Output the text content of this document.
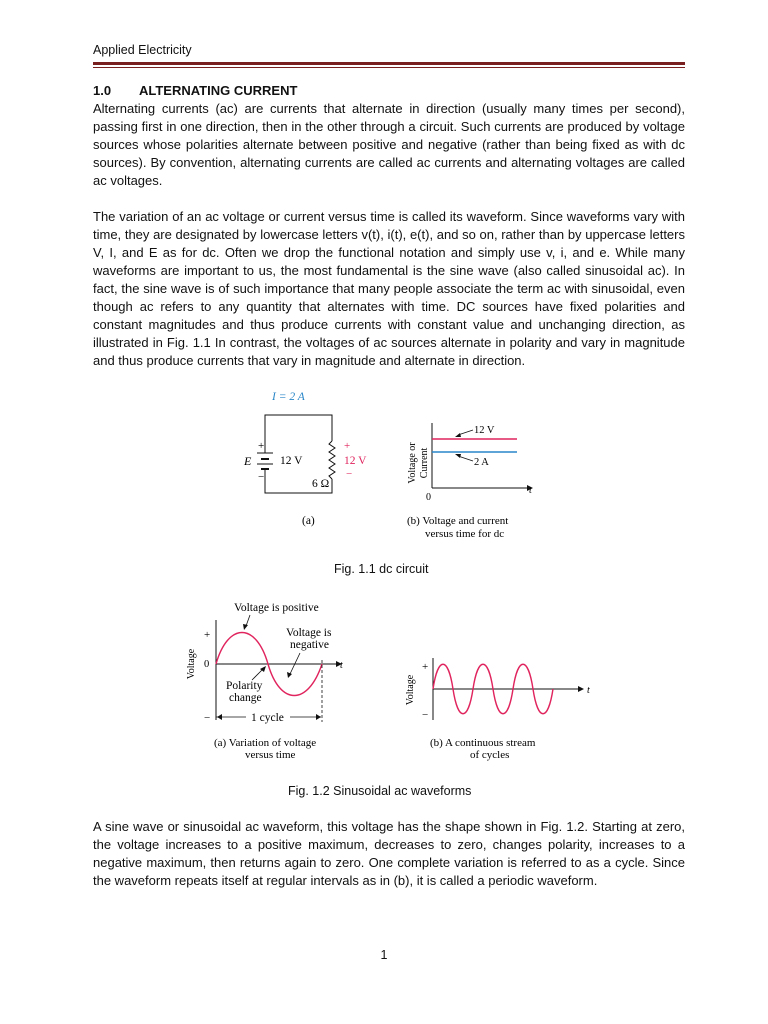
Applied Electricity
1.0 ALTERNATING CURRENT

Alternating currents (ac) are currents that alternate in direction (usually many times per second), passing first in one direction, then in the other through a circuit. Such currents are produced by voltage sources whose polarities alternate between positive and negative (rather than being fixed as with dc sources). By convention, alternating currents are called ac currents and alternating voltages are called ac voltages.

The variation of an ac voltage or current versus time is called its waveform. Since waveforms vary with time, they are designated by lowercase letters v(t), i(t), e(t), and so on, rather than by uppercase letters V, I, and E as for dc. Often we drop the functional notation and simply use v, i, and e. While many waveforms are important to us, the most fundamental is the sine wave (also called sinusoidal ac). In fact, the sine wave is of such importance that many people associate the term ac with sinusoidal, even though ac refers to any quantity that alternates with time. DC sources have fixed polarities and constant magnitudes and thus produce currents with constant value and unchanging direction, as illustrated in Fig. 1.1 In contrast, the voltages of ac sources alternate in polarity and vary in magnitude and thus produce currents that vary in magnitude and alternate in direction.

I = 2 A
+
E
−
12 V
+
12 V
−
6 Ω
(a)
Voltage or Current
0
t
12 V
2 A
(b) Voltage and current
versus time for dc
Fig. 1.1 dc circuit
Voltage is positive
Voltage is
negative
Voltage
+
0
−
t
Polarity
change
1 cycle
(a) Variation of voltage
versus time
Voltage
+
−
t
(b) A continuous stream
of cycles
Fig. 1.2 Sinusoidal ac waveforms

A sine wave or sinusoidal ac waveform, this voltage has the shape shown in Fig. 1.2. Starting at zero, the voltage increases to a positive maximum, decreases to zero, changes polarity, increases to a negative maximum, then returns again to zero. One complete variation is referred to as a cycle. Since the waveform repeats itself at regular intervals as in (b), it is called a periodic waveform.

1
